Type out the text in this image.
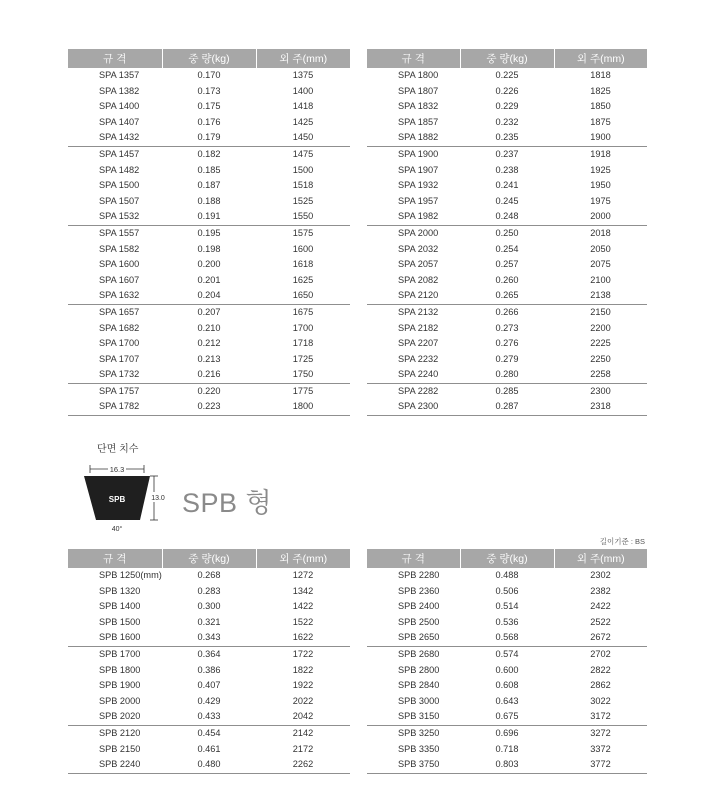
규 격	중 량(kg)	외 주(mm)
SPA 1357	0.170	1375
SPA 1382	0.173	1400
SPA 1400	0.175	1418
SPA 1407	0.176	1425
SPA 1432	0.179	1450
SPA 1457	0.182	1475
SPA 1482	0.185	1500
SPA 1500	0.187	1518
SPA 1507	0.188	1525
SPA 1532	0.191	1550
SPA 1557	0.195	1575
SPA 1582	0.198	1600
SPA 1600	0.200	1618
SPA 1607	0.201	1625
SPA 1632	0.204	1650
SPA 1657	0.207	1675
SPA 1682	0.210	1700
SPA 1700	0.212	1718
SPA 1707	0.213	1725
SPA 1732	0.216	1750
SPA 1757	0.220	1775
SPA 1782	0.223	1800
규 격	중 량(kg)	외 주(mm)
SPA 1800	0.225	1818
SPA 1807	0.226	1825
SPA 1832	0.229	1850
SPA 1857	0.232	1875
SPA 1882	0.235	1900
SPA 1900	0.237	1918
SPA 1907	0.238	1925
SPA 1932	0.241	1950
SPA 1957	0.245	1975
SPA 1982	0.248	2000
SPA 2000	0.250	2018
SPA 2032	0.254	2050
SPA 2057	0.257	2075
SPA 2082	0.260	2100
SPA 2120	0.265	2138
SPA 2132	0.266	2150
SPA 2182	0.273	2200
SPA 2207	0.276	2225
SPA 2232	0.279	2250
SPA 2240	0.280	2258
SPA 2282	0.285	2300
SPA 2300	0.287	2318
단면 치수
16.3
SPB	13.0
40°
SPB 형
길이기준 : BS
규 격	중 량(kg)	외 주(mm)
SPB 1250(mm)	0.268	1272
SPB 1320	0.283	1342
SPB 1400	0.300	1422
SPB 1500	0.321	1522
SPB 1600	0.343	1622
SPB 1700	0.364	1722
SPB 1800	0.386	1822
SPB 1900	0.407	1922
SPB 2000	0.429	2022
SPB 2020	0.433	2042
SPB 2120	0.454	2142
SPB 2150	0.461	2172
SPB 2240	0.480	2262
규 격	중 량(kg)	외 주(mm)
SPB 2280	0.488	2302
SPB 2360	0.506	2382
SPB 2400	0.514	2422
SPB 2500	0.536	2522
SPB 2650	0.568	2672
SPB 2680	0.574	2702
SPB 2800	0.600	2822
SPB 2840	0.608	2862
SPB 3000	0.643	3022
SPB 3150	0.675	3172
SPB 3250	0.696	3272
SPB 3350	0.718	3372
SPB 3750	0.803	3772
